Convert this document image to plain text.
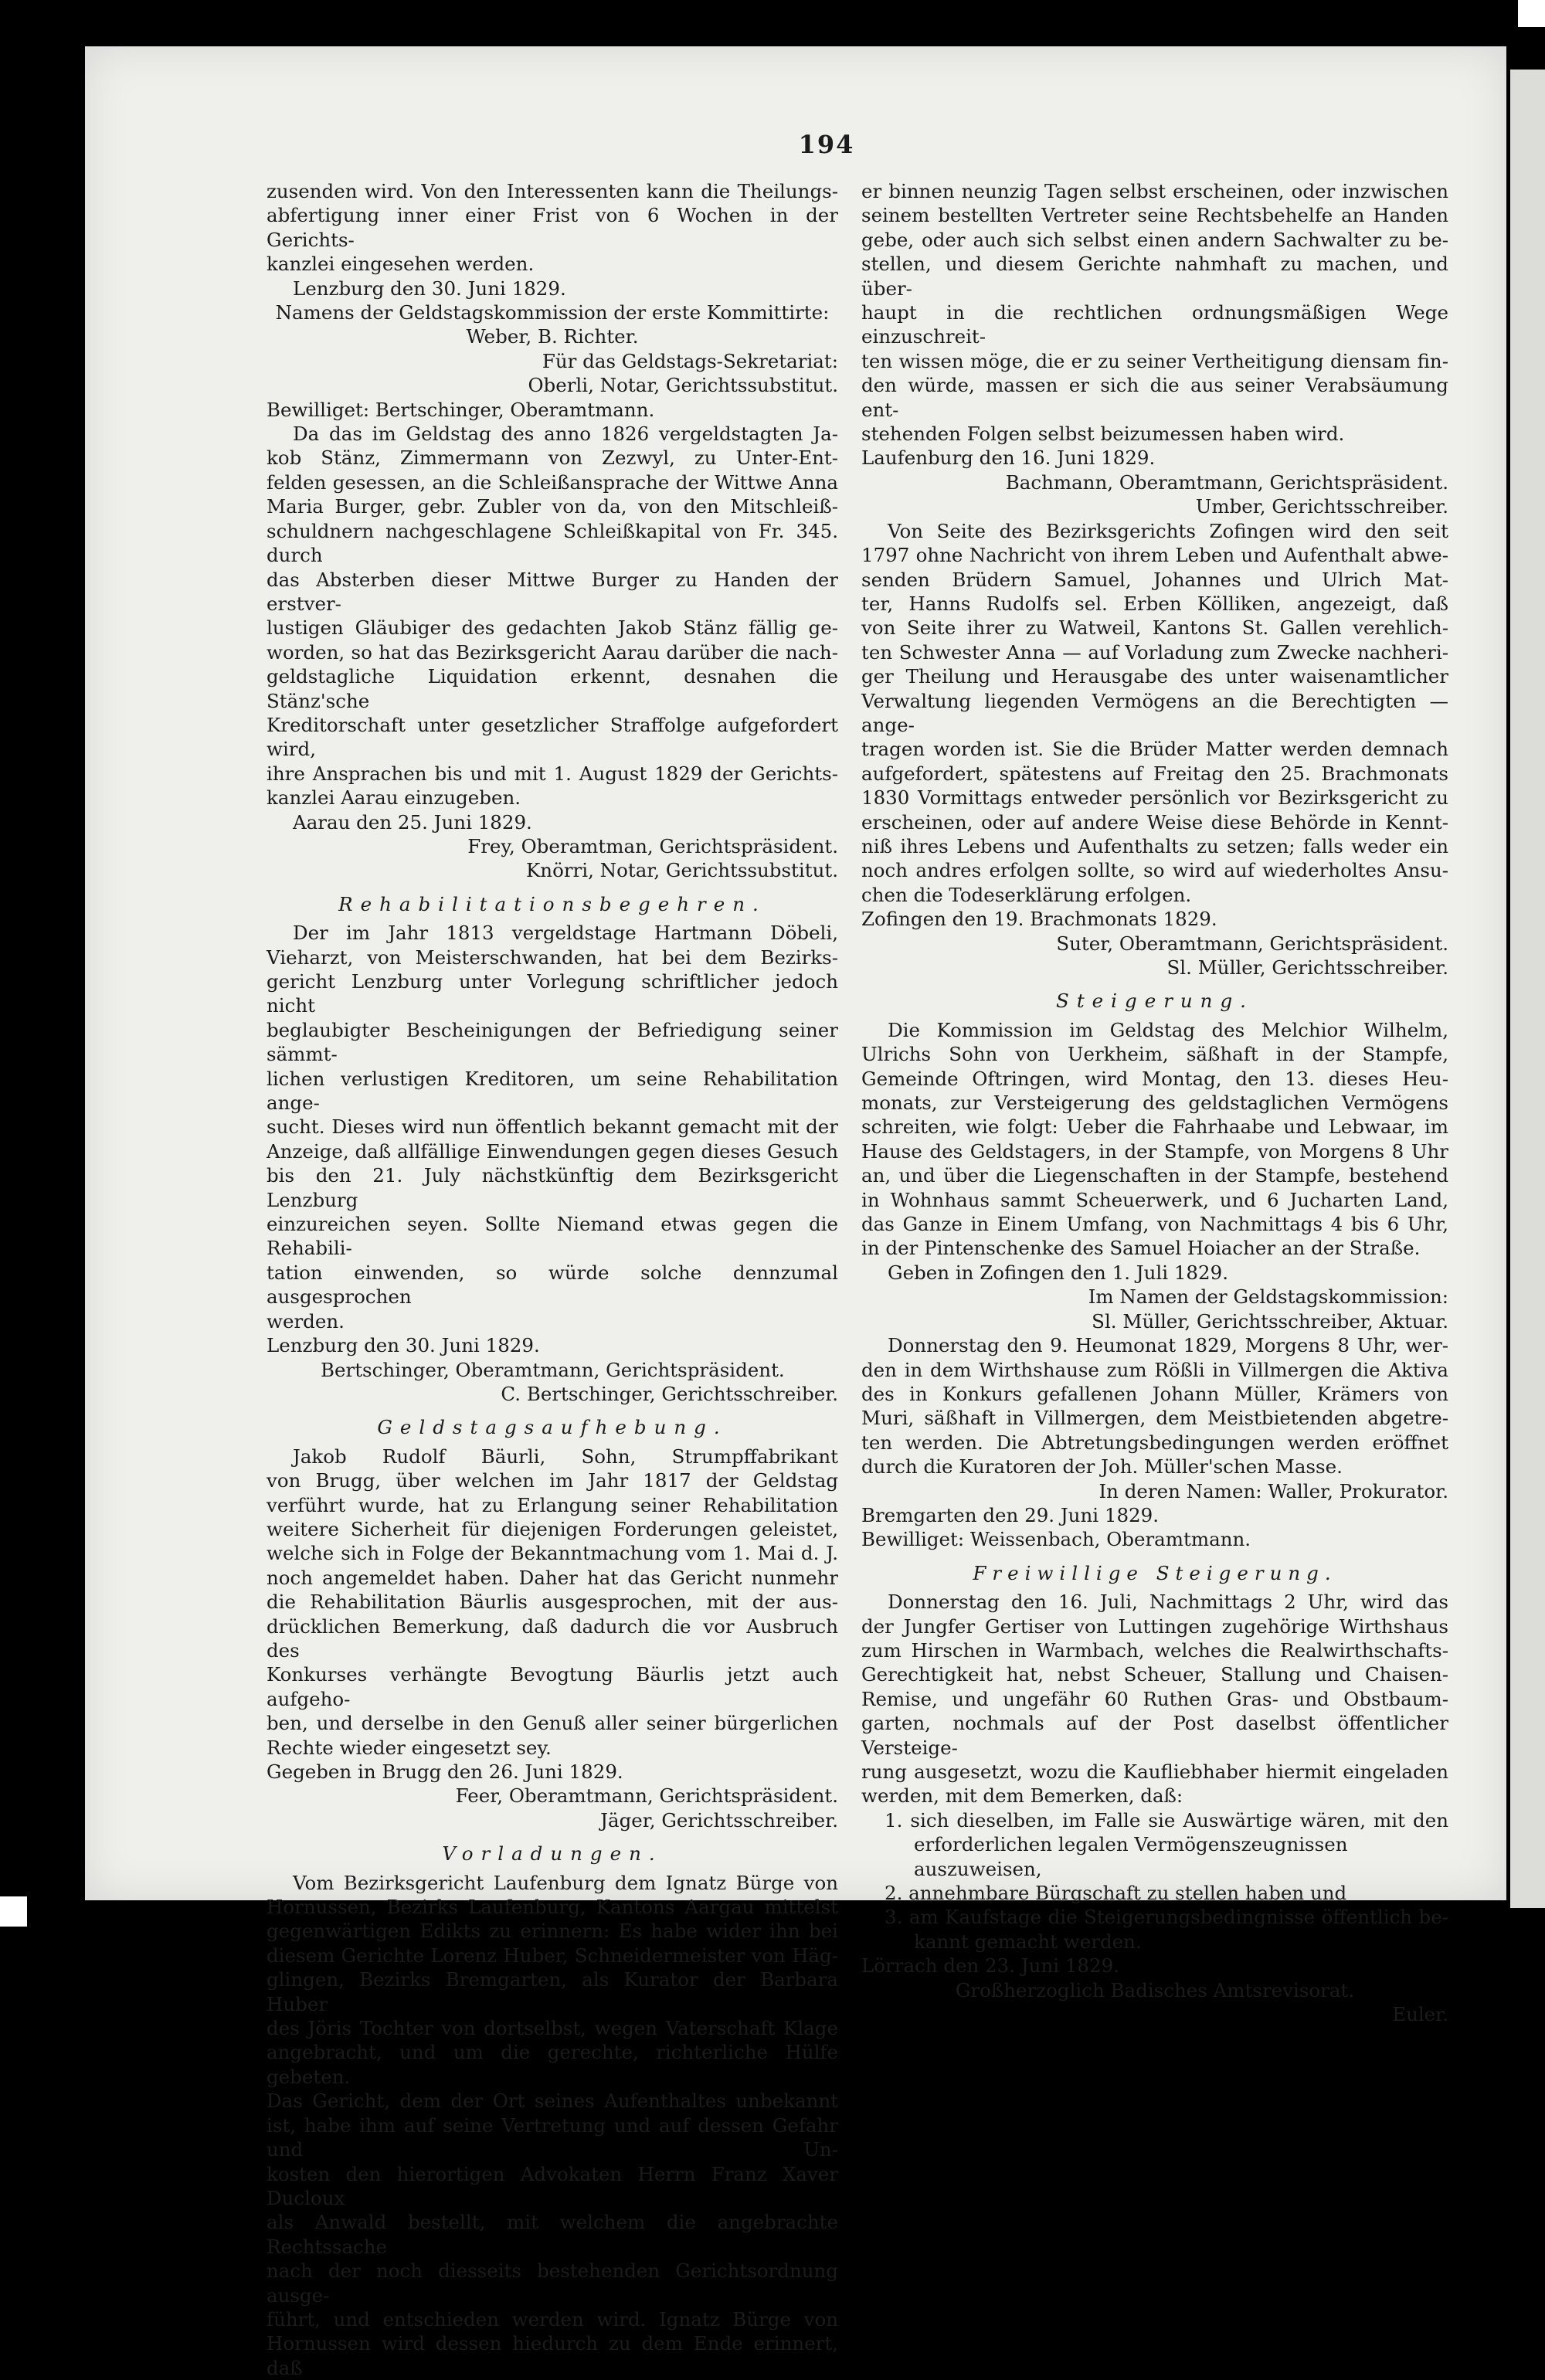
194
zusenden wird. Von den Interessenten kann die Theilungs-
abfertigung inner einer Frist von 6 Wochen in der Gerichts-
kanzlei eingesehen werden.
Lenzburg den 30. Juni 1829.
Namens der Geldstagskommission der erste Kommittirte:
Weber, B. Richter.
Für das Geldstags-Sekretariat:
Oberli, Notar, Gerichtssubstitut.
Bewilliget: Bertschinger, Oberamtmann.
Da das im Geldstag des anno 1826 vergeldstagten Ja-
kob Stänz, Zimmermann von Zezwyl, zu Unter-Ent-
felden gesessen, an die Schleißansprache der Wittwe Anna
Maria Burger, gebr. Zubler von da, von den Mitschleiß-
schuldnern nachgeschlagene Schleißkapital von Fr. 345. durch
das Absterben dieser Mittwe Burger zu Handen der erstver-
lustigen Gläubiger des gedachten Jakob Stänz fällig ge-
worden, so hat das Bezirksgericht Aarau darüber die nach-
geldstagliche Liquidation erkennt, desnahen die Stänz'sche
Kreditorschaft unter gesetzlicher Straffolge aufgefordert wird,
ihre Ansprachen bis und mit 1. August 1829 der Gerichts-
kanzlei Aarau einzugeben.
Aarau den 25. Juni 1829.
Frey, Oberamtman, Gerichtspräsident.
Knörri, Notar, Gerichtssubstitut.
Rehabilitationsbegehren.
Der im Jahr 1813 vergeldstage Hartmann Döbeli,
Vieharzt, von Meisterschwanden, hat bei dem Bezirks-
gericht Lenzburg unter Vorlegung schriftlicher jedoch nicht
beglaubigter Bescheinigungen der Befriedigung seiner sämmt-
lichen verlustigen Kreditoren, um seine Rehabilitation ange-
sucht. Dieses wird nun öffentlich bekannt gemacht mit der
Anzeige, daß allfällige Einwendungen gegen dieses Gesuch
bis den 21. July nächstkünftig dem Bezirksgericht Lenzburg
einzureichen seyen. Sollte Niemand etwas gegen die Rehabili-
tation einwenden, so würde solche dennzumal ausgesprochen
werden.
Lenzburg den 30. Juni 1829.
Bertschinger, Oberamtmann, Gerichtspräsident.
C. Bertschinger, Gerichtsschreiber.
Geldstagsaufhebung.
Jakob Rudolf Bäurli, Sohn, Strumpffabrikant
von Brugg, über welchen im Jahr 1817 der Geldstag
verführt wurde, hat zu Erlangung seiner Rehabilitation
weitere Sicherheit für diejenigen Forderungen geleistet,
welche sich in Folge der Bekanntmachung vom 1. Mai d. J.
noch angemeldet haben. Daher hat das Gericht nunmehr
die Rehabilitation Bäurlis ausgesprochen, mit der aus-
drücklichen Bemerkung, daß dadurch die vor Ausbruch des
Konkurses verhängte Bevogtung Bäurlis jetzt auch aufgeho-
ben, und derselbe in den Genuß aller seiner bürgerlichen
Rechte wieder eingesetzt sey.
Gegeben in Brugg den 26. Juni 1829.
Feer, Oberamtmann, Gerichtspräsident.
Jäger, Gerichtsschreiber.
Vorladungen.
Vom Bezirksgericht Laufenburg dem Ignatz Bürge von
Hornussen, Bezirks Laufenburg, Kantons Aargau mittelst
gegenwärtigen Edikts zu erinnern: Es habe wider ihn bei
diesem Gerichte Lorenz Huber, Schneidermeister von Häg-
glingen, Bezirks Bremgarten, als Kurator der Barbara Huber
des Jöris Tochter von dortselbst, wegen Vaterschaft Klage
angebracht, und um die gerechte, richterliche Hülfe gebeten.
Das Gericht, dem der Ort seines Aufenthaltes unbekannt
ist, habe ihm auf seine Vertretung und auf dessen Gefahr und Un-
kosten den hierortigen Advokaten Herrn Franz Xaver Ducloux
als Anwald bestellt, mit welchem die angebrachte Rechtssache
nach der noch diesseits bestehenden Gerichtsordnung ausge-
führt, und entschieden werden wird. Ignatz Bürge von
Hornussen wird dessen hiedurch zu dem Ende erinnert, daß
er binnen neunzig Tagen selbst erscheinen, oder inzwischen
seinem bestellten Vertreter seine Rechtsbehelfe an Handen
gebe, oder auch sich selbst einen andern Sachwalter zu be-
stellen, und diesem Gerichte nahmhaft zu machen, und über-
haupt in die rechtlichen ordnungsmäßigen Wege einzuschreit-
ten wissen möge, die er zu seiner Vertheitigung diensam fin-
den würde, massen er sich die aus seiner Verabsäumung ent-
stehenden Folgen selbst beizumessen haben wird.
Laufenburg den 16. Juni 1829.
Bachmann, Oberamtmann, Gerichtspräsident.
Umber, Gerichtsschreiber.
Von Seite des Bezirksgerichts Zofingen wird den seit
1797 ohne Nachricht von ihrem Leben und Aufenthalt abwe-
senden Brüdern Samuel, Johannes und Ulrich Mat-
ter, Hanns Rudolfs sel. Erben Kölliken, angezeigt, daß
von Seite ihrer zu Watweil, Kantons St. Gallen verehlich-
ten Schwester Anna — auf Vorladung zum Zwecke nachheri-
ger Theilung und Herausgabe des unter waisenamtlicher
Verwaltung liegenden Vermögens an die Berechtigten — ange-
tragen worden ist. Sie die Brüder Matter werden demnach
aufgefordert, spätestens auf Freitag den 25. Brachmonats
1830 Vormittags entweder persönlich vor Bezirksgericht zu
erscheinen, oder auf andere Weise diese Behörde in Kennt-
niß ihres Lebens und Aufenthalts zu setzen; falls weder ein
noch andres erfolgen sollte, so wird auf wiederholtes Ansu-
chen die Todeserklärung erfolgen.
Zofingen den 19. Brachmonats 1829.
Suter, Oberamtmann, Gerichtspräsident.
Sl. Müller, Gerichtsschreiber.
Steigerung.
Die Kommission im Geldstag des Melchior Wilhelm,
Ulrichs Sohn von Uerkheim, säßhaft in der Stampfe,
Gemeinde Oftringen, wird Montag, den 13. dieses Heu-
monats, zur Versteigerung des geldstaglichen Vermögens
schreiten, wie folgt: Ueber die Fahrhaabe und Lebwaar, im
Hause des Geldstagers, in der Stampfe, von Morgens 8 Uhr
an, und über die Liegenschaften in der Stampfe, bestehend
in Wohnhaus sammt Scheuerwerk, und 6 Jucharten Land,
das Ganze in Einem Umfang, von Nachmittags 4 bis 6 Uhr,
in der Pintenschenke des Samuel Hoiacher an der Straße.
Geben in Zofingen den 1. Juli 1829.
Im Namen der Geldstagskommission:
Sl. Müller, Gerichtsschreiber, Aktuar.
Donnerstag den 9. Heumonat 1829, Morgens 8 Uhr, wer-
den in dem Wirthshause zum Rößli in Villmergen die Aktiva
des in Konkurs gefallenen Johann Müller, Krämers von
Muri, säßhaft in Villmergen, dem Meistbietenden abgetre-
ten werden. Die Abtretungsbedingungen werden eröffnet
durch die Kuratoren der Joh. Müller'schen Masse.
In deren Namen: Waller, Prokurator.
Bremgarten den 29. Juni 1829.
Bewilliget: Weissenbach, Oberamtmann.
Freiwillige Steigerung.
Donnerstag den 16. Juli, Nachmittags 2 Uhr, wird das
der Jungfer Gertiser von Luttingen zugehörige Wirthshaus
zum Hirschen in Warmbach, welches die Realwirthschafts-
Gerechtigkeit hat, nebst Scheuer, Stallung und Chaisen-
Remise, und ungefähr 60 Ruthen Gras- und Obstbaum-
garten, nochmals auf der Post daselbst öffentlicher Versteige-
rung ausgesetzt, wozu die Kaufliebhaber hiermit eingeladen
werden, mit dem Bemerken, daß:
1. sich dieselben, im Falle sie Auswärtige wären, mit den
erforderlichen legalen Vermögenszeugnissen auszuweisen,
2. annehmbare Bürgschaft zu stellen haben und
3. am Kaufstage die Steigerungsbedingnisse öffentlich be-
kannt gemacht werden.
Lörrach den 23. Juni 1829.
Großherzoglich Badisches Amtsrevisorat.
Euler.
